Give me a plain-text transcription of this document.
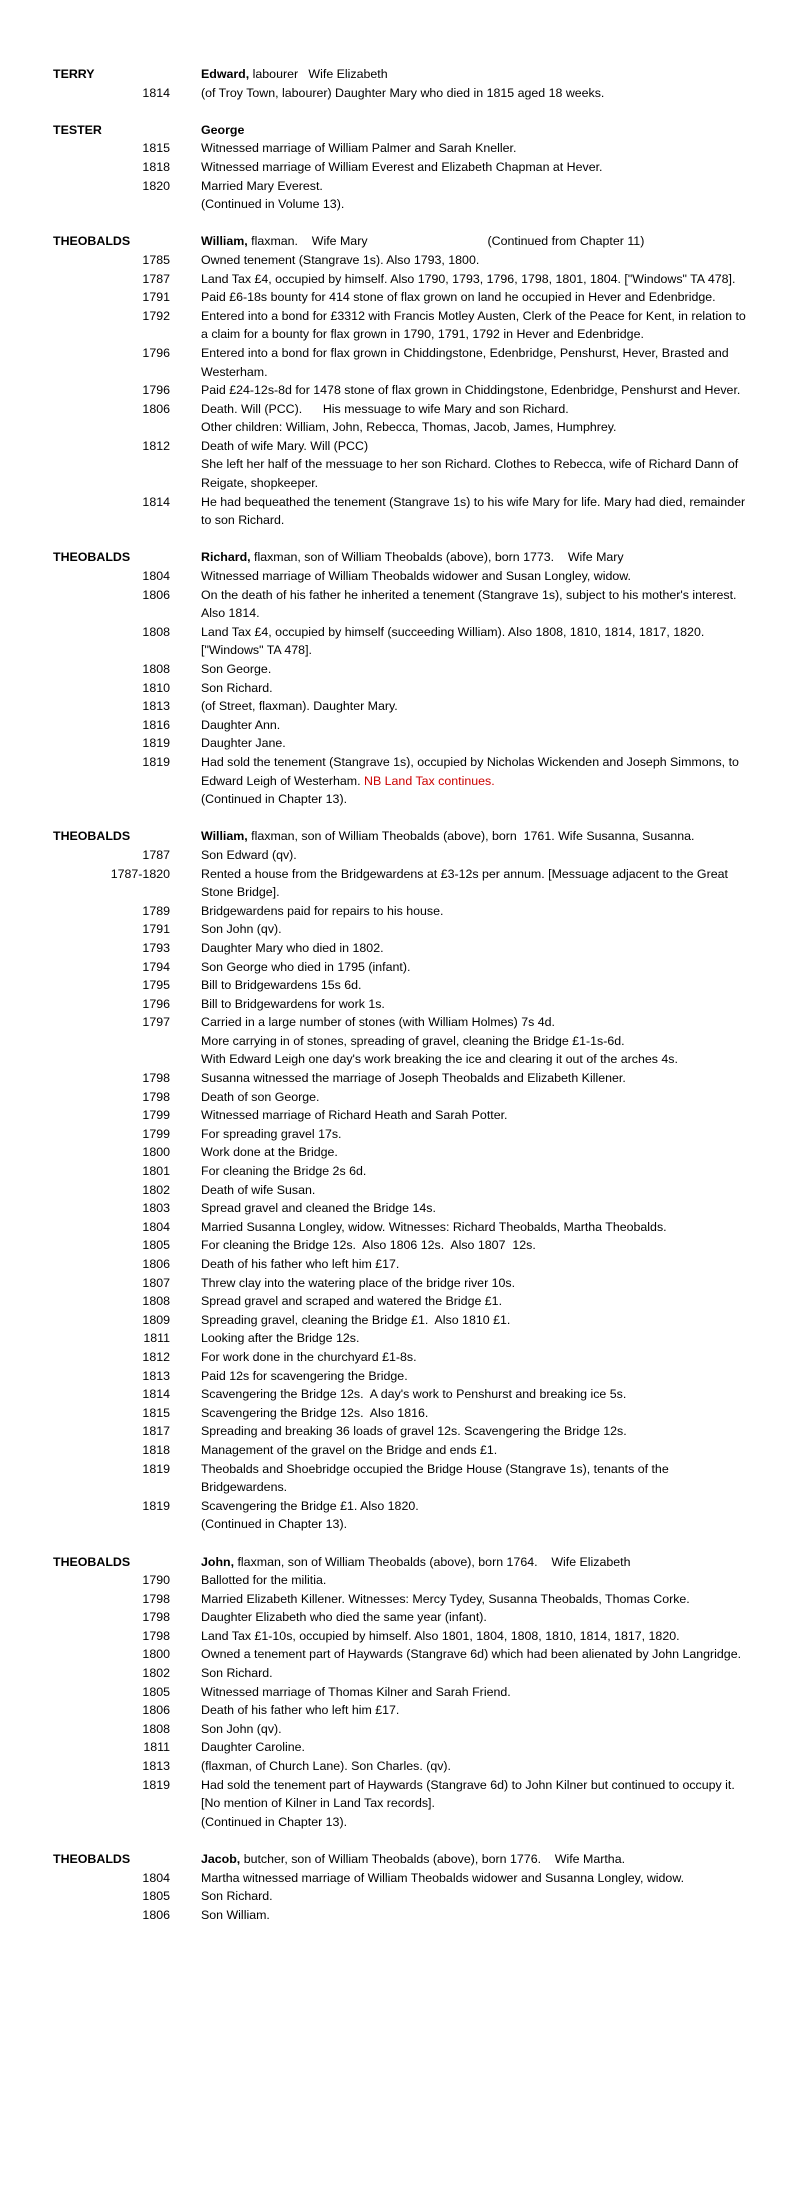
TERRY	Edward, labourer   Wife Elizabeth
1814	(of Troy Town, labourer) Daughter Mary who died in 1815 aged 18 weeks.
TESTER	George
1815	Witnessed marriage of William Palmer and Sarah Kneller.
1818	Witnessed marriage of William Everest and Elizabeth Chapman at Hever.
1820	Married Mary Everest.
(Continued in Volume 13).
THEOBALDS	William, flaxman.    Wife Mary	(Continued from Chapter 11)
1785	Owned tenement (Stangrave 1s). Also 1793, 1800.
1787	Land Tax £4, occupied by himself. Also 1790, 1793, 1796, 1798, 1801, 1804. ["Windows" TA 478].
1791	Paid £6-18s bounty for 414 stone of flax grown on land he occupied in Hever and Edenbridge.
1792	Entered into a bond for £3312 with Francis Motley Austen, Clerk of the Peace for Kent, in relation to a claim for a bounty for flax grown in 1790, 1791, 1792 in Hever and Edenbridge.
1796	Entered into a bond for flax grown in Chiddingstone, Edenbridge, Penshurst, Hever, Brasted and Westerham.
1796	Paid £24-12s-8d for 1478 stone of flax grown in Chiddingstone, Edenbridge, Penshurst and Hever.
1806	Death. Will (PCC).      His messuage to wife Mary and son Richard.
Other children: William, John, Rebecca, Thomas, Jacob, James, Humphrey.
1812	Death of wife Mary. Will (PCC)
She left her half of the messuage to her son Richard. Clothes to Rebecca, wife of Richard Dann of Reigate, shopkeeper.
1814	He had bequeathed the tenement (Stangrave 1s) to his wife Mary for life. Mary had died, remainder to son Richard.
THEOBALDS	Richard, flaxman, son of William Theobalds (above), born 1773.    Wife Mary
1804	Witnessed marriage of William Theobalds widower and Susan Longley, widow.
1806	On the death of his father he inherited a tenement (Stangrave 1s), subject to his mother's interest.  Also 1814.
1808	Land Tax £4, occupied by himself (succeeding William). Also 1808, 1810, 1814, 1817, 1820. ["Windows" TA 478].
1808	Son George.
1810	Son Richard.
1813	(of Street, flaxman). Daughter Mary.
1816	Daughter Ann.
1819	Daughter Jane.
1819	Had sold the tenement (Stangrave 1s), occupied by Nicholas Wickenden and Joseph Simmons, to Edward Leigh of Westerham. NB Land Tax continues.
(Continued in Chapter 13).
THEOBALDS	William, flaxman, son of William Theobalds (above), born  1761. Wife Susanna, Susanna.
1787	Son Edward (qv).
1787-1820	Rented a house from the Bridgewardens at £3-12s per annum. [Messuage adjacent to the Great Stone Bridge].
1789	Bridgewardens paid for repairs to his house.
1791	Son John (qv).
1793	Daughter Mary who died in 1802.
1794	Son George who died in 1795 (infant).
1795	Bill to Bridgewardens 15s 6d.
1796	Bill to Bridgewardens for work 1s.
1797	Carried in a large number of stones (with William Holmes) 7s 4d.
More carrying in of stones, spreading of gravel, cleaning the Bridge £1-1s-6d.
With Edward Leigh one day's work breaking the ice and clearing it out of the arches 4s.
1798	Susanna witnessed the marriage of Joseph Theobalds and Elizabeth Killener.
1798	Death of son George.
1799	Witnessed marriage of Richard Heath and Sarah Potter.
1799	For spreading gravel 17s.
1800	Work done at the Bridge.
1801	For cleaning the Bridge 2s 6d.
1802	Death of wife Susan.
1803	Spread gravel and cleaned the Bridge 14s.
1804	Married Susanna Longley, widow. Witnesses: Richard Theobalds, Martha Theobalds.
1805	For cleaning the Bridge 12s.  Also 1806 12s.  Also 1807  12s.
1806	Death of his father who left him £17.
1807	Threw clay into the watering place of the bridge river 10s.
1808	Spread gravel and scraped and watered the Bridge £1.
1809	Spreading gravel, cleaning the Bridge £1.  Also 1810 £1.
1811	Looking after the Bridge 12s.
1812	For work done in the churchyard £1-8s.
1813	Paid 12s for scavengering the Bridge.
1814	Scavengering the Bridge 12s.  A day's work to Penshurst and breaking ice 5s.
1815	Scavengering the Bridge 12s.  Also 1816.
1817	Spreading and breaking 36 loads of gravel 12s. Scavengering the Bridge 12s.
1818	Management of the gravel on the Bridge and ends £1.
1819	Theobalds and Shoebridge occupied the Bridge House (Stangrave 1s), tenants of the Bridgewardens.
1819	Scavengering the Bridge £1. Also 1820.
(Continued in Chapter 13).
THEOBALDS	John, flaxman, son of William Theobalds (above), born 1764.    Wife Elizabeth
1790	Ballotted for the militia.
1798	Married Elizabeth Killener. Witnesses: Mercy Tydey, Susanna Theobalds, Thomas Corke.
1798	Daughter Elizabeth who died the same year (infant).
1798	Land Tax £1-10s, occupied by himself. Also 1801, 1804, 1808, 1810, 1814, 1817, 1820.
1800	Owned a tenement part of Haywards (Stangrave 6d) which had been alienated by John Langridge.
1802	Son Richard.
1805	Witnessed marriage of Thomas Kilner and Sarah Friend.
1806	Death of his father who left him £17.
1808	Son John (qv).
1811	Daughter Caroline.
1813	(flaxman, of Church Lane). Son Charles. (qv).
1819	Had sold the tenement part of Haywards (Stangrave 6d) to John Kilner but continued to occupy it. [No mention of Kilner in Land Tax records].
(Continued in Chapter 13).
THEOBALDS	Jacob, butcher, son of William Theobalds (above), born 1776.    Wife Martha.
1804	Martha witnessed marriage of William Theobalds widower and Susanna Longley, widow.
1805	Son Richard.
1806	Son William.
